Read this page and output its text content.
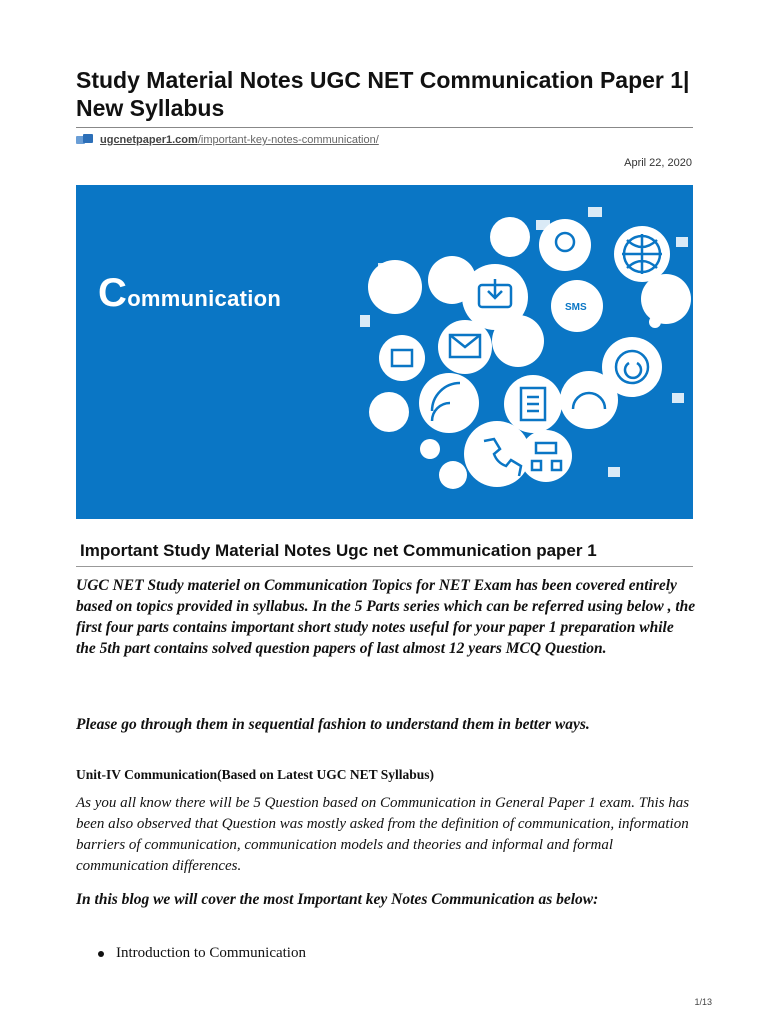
Study Material Notes UGC NET Communication Paper 1| New Syllabus
ugcnetpaper1.com/important-key-notes-communication/
April 22, 2020
Communication	SMS
Important Study Material Notes Ugc net Communication paper 1

UGC NET Study materiel on Communication Topics for NET Exam has been covered entirely based on topics provided in syllabus. In the 5 Parts series which can be referred using below , the first four parts contains important short study notes useful for your paper 1 preparation while the 5th part contains solved question papers of last almost 12 years MCQ Question.

Please go through them in sequential fashion to understand them in better ways.

Unit-IV Communication(Based on Latest UGC NET Syllabus)

As you all know there will be 5 Question based on Communication in General Paper 1 exam. This has been also observed that Question was mostly asked from the definition of communication, information barriers of communication, communication models and theories and informal and formal communication differences.

In this blog we will cover the most Important key Notes Communication as below:

Introduction to Communication
1/13
